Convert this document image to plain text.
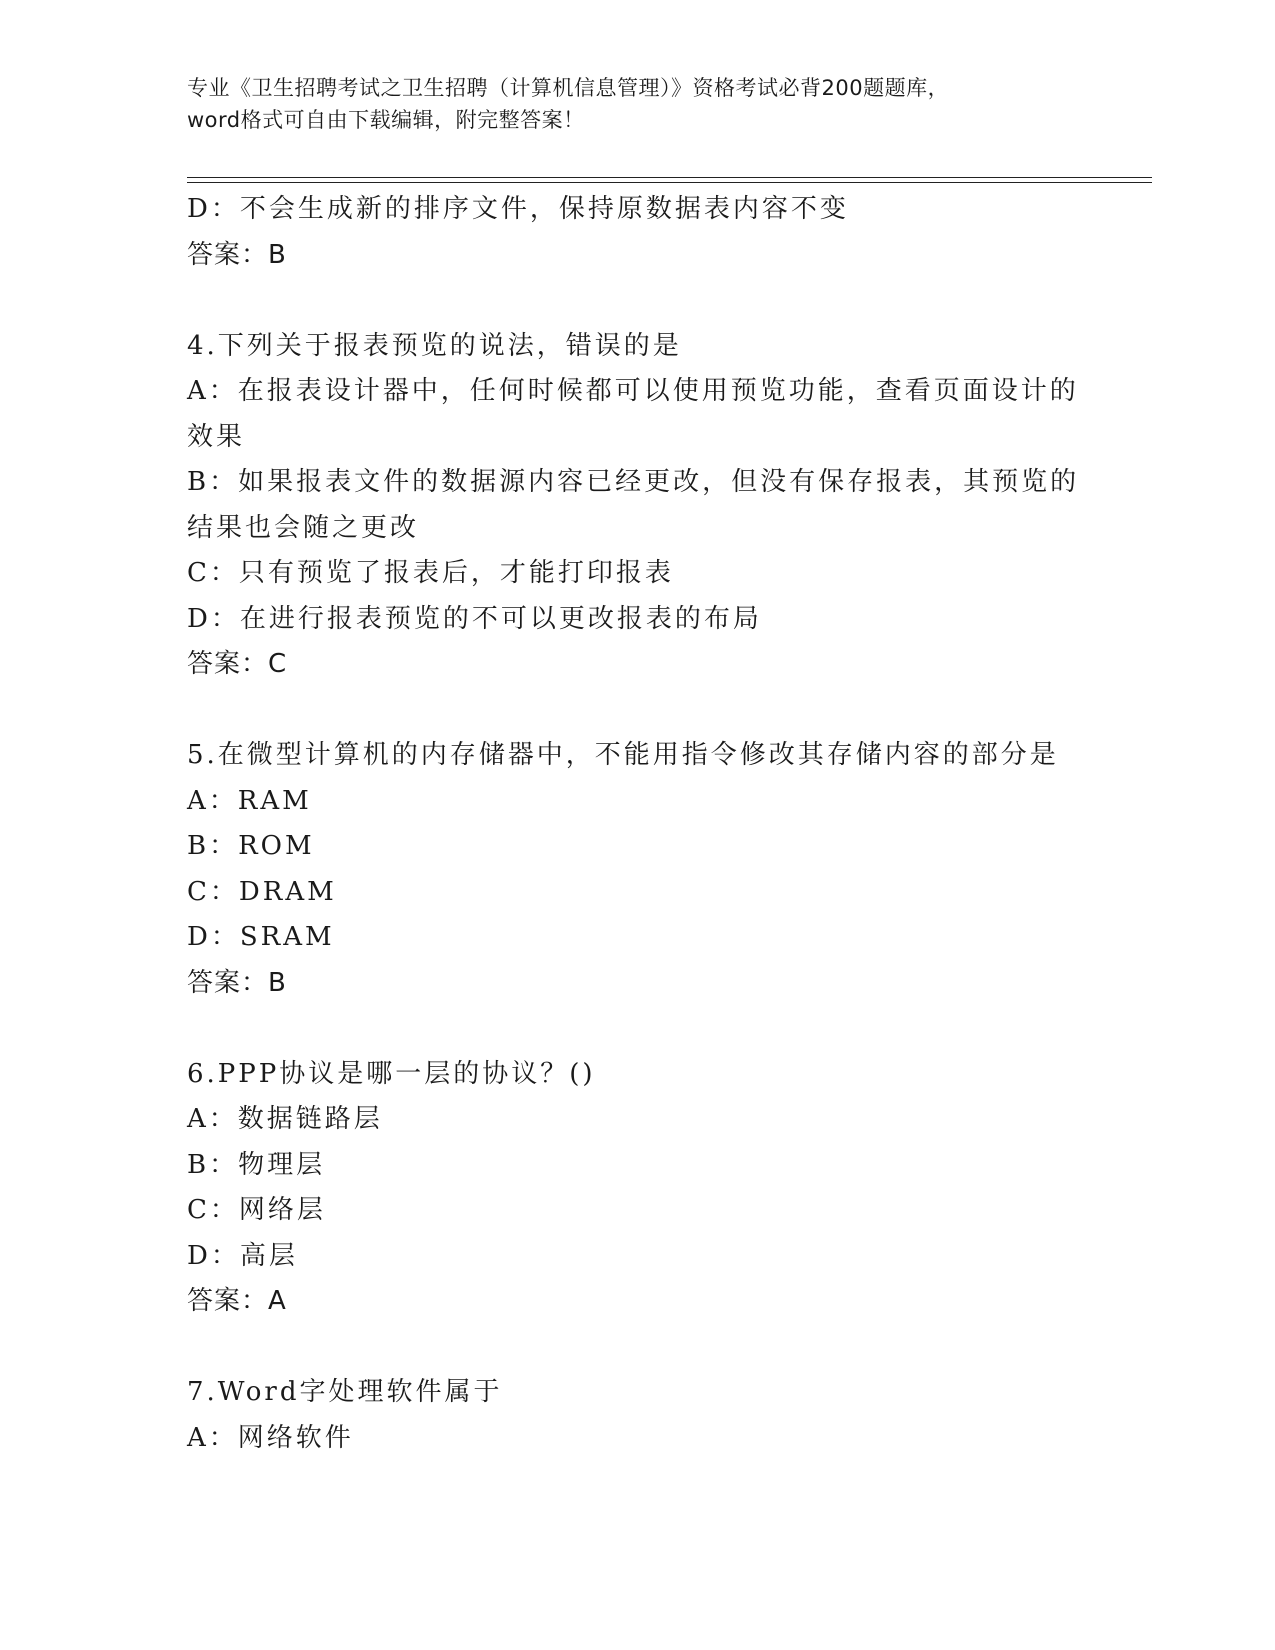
专业《卫生招聘考试之卫生招聘（计算机信息管理）》资格考试必背200题题库，
word格式可自由下载编辑，附完整答案！
D：不会生成新的排序文件，保持原数据表内容不变
答案：B
4.下列关于报表预览的说法，错误的是
A：在报表设计器中，任何时候都可以使用预览功能，查看页面设计的效果
B：如果报表文件的数据源内容已经更改，但没有保存报表，其预览的结果也会随之更改
C：只有预览了报表后，才能打印报表
D：在进行报表预览的不可以更改报表的布局
答案：C
5.在微型计算机的内存储器中，不能用指令修改其存储内容的部分是
A：RAM
B：ROM
C：DRAM
D：SRAM
答案：B
6.PPP协议是哪一层的协议？()
A：数据链路层
B：物理层
C：网络层
D：高层
答案：A
7.Word字处理软件属于
A：网络软件
